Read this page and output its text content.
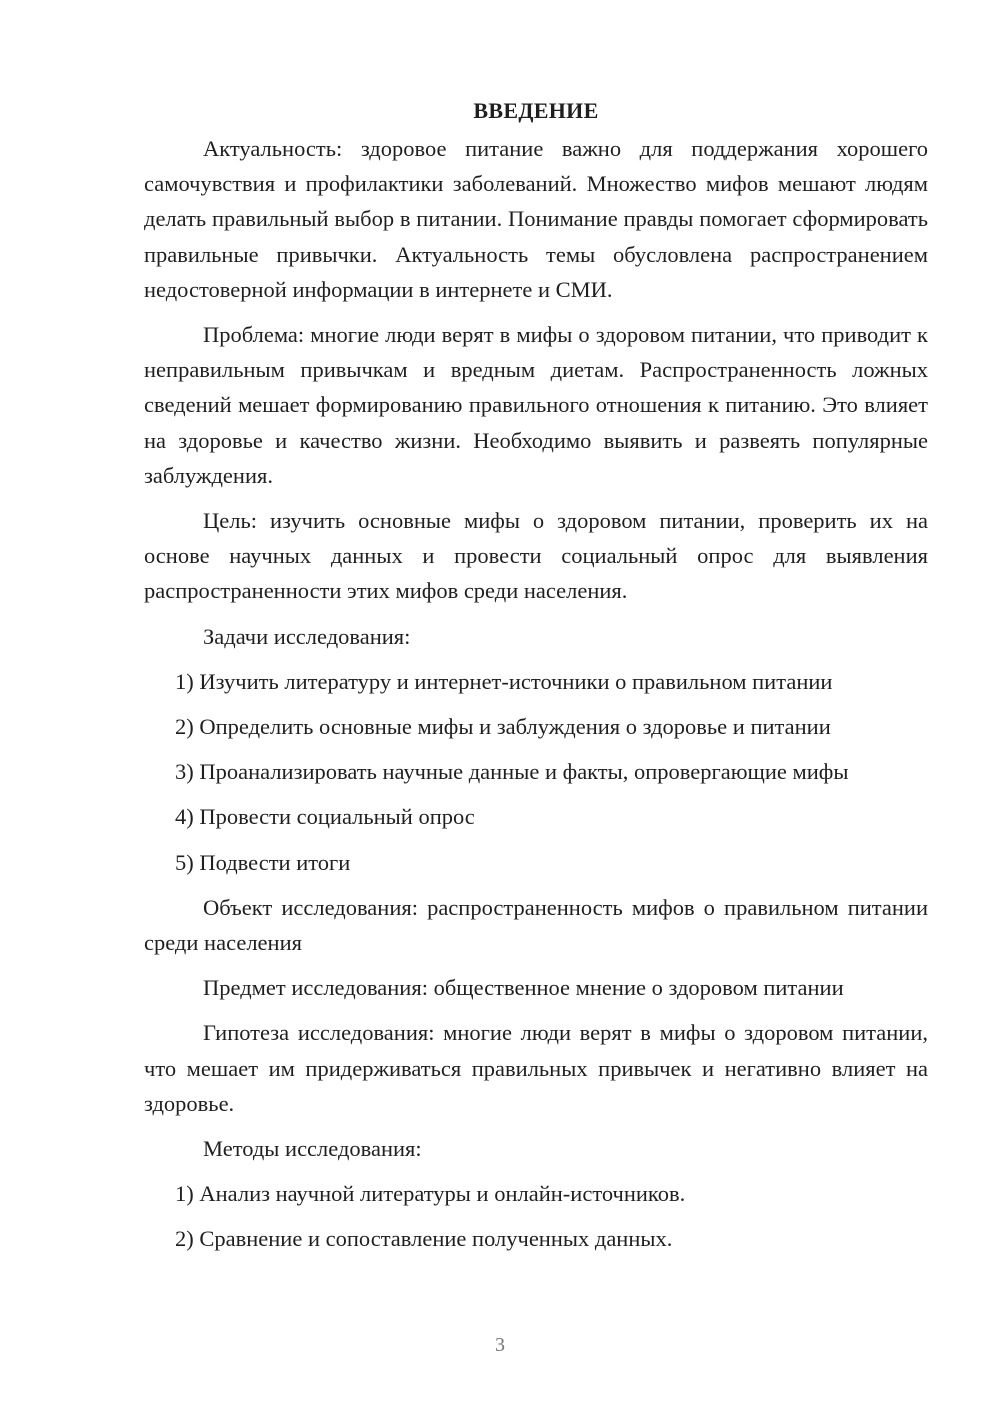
ВВЕДЕНИЕ

Актуальность: здоровое питание важно для поддержания хорошего самочувствия и профилактики заболеваний. Множество мифов мешают людям делать правильный выбор в питании. Понимание правды помогает сформировать правильные привычки. Актуальность темы обусловлена распространением недостоверной информации в интернете и СМИ.

Проблема: многие люди верят в мифы о здоровом питании, что приводит к неправильным привычкам и вредным диетам. Распространенность ложных сведений мешает формированию правильного отношения к питанию. Это влияет на здоровье и качество жизни. Необходимо выявить и развеять популярные заблуждения.

Цель: изучить основные мифы о здоровом питании, проверить их на основе научных данных и провести социальный опрос для выявления распространенности этих мифов среди населения.

Задачи исследования:
1) Изучить литературу и интернет-источники о правильном питании
2) Определить основные мифы и заблуждения о здоровье и питании
3) Проанализировать научные данные и факты, опровергающие мифы
4) Провести социальный опрос
5) Подвести итоги

Объект исследования: распространенность мифов о правильном питании среди населения

Предмет исследования: общественное мнение о здоровом питании

Гипотеза исследования: многие люди верят в мифы о здоровом питании, что мешает им придерживаться правильных привычек и негативно влияет на здоровье.

Методы исследования:
1) Анализ научной литературы и онлайн-источников.
2) Сравнение и сопоставление полученных данных.
3
